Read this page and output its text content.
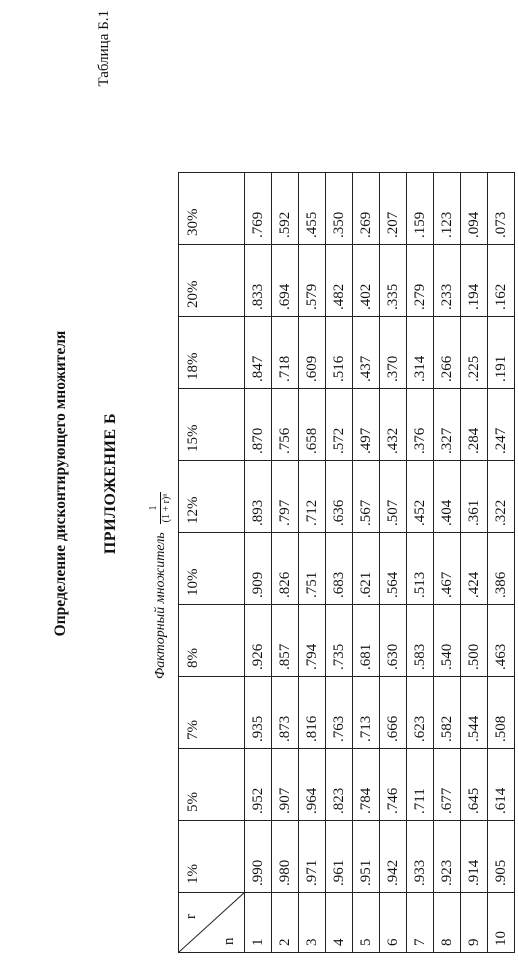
Таблица Б.1
ПРИЛОЖЕНИЕ Б
Определение дисконтирующего множителя	Факторный множитель
1 (1 + r)ⁿ
r
n	1%	5%	7%	8%	10%	12%	15%	18%	20%	30%
1	.990	.952	.935	.926	.909	.893	.870	.847	.833	.769
2	.980	.907	.873	.857	.826	.797	.756	.718	.694	.592
3	.971	.964	.816	.794	.751	.712	.658	.609	.579	.455
4	.961	.823	.763	.735	.683	.636	.572	.516	.482	.350
5	.951	.784	.713	.681	.621	.567	.497	.437	.402	.269
6	.942	.746	.666	.630	.564	.507	.432	.370	.335	.207
7	.933	.711	.623	.583	.513	.452	.376	.314	.279	.159
8	.923	.677	.582	.540	.467	.404	.327	.266	.233	.123
9	.914	.645	.544	.500	.424	.361	.284	.225	.194	.094
10	.905	.614	.508	.463	.386	.322	.247	.191	.162	.073
